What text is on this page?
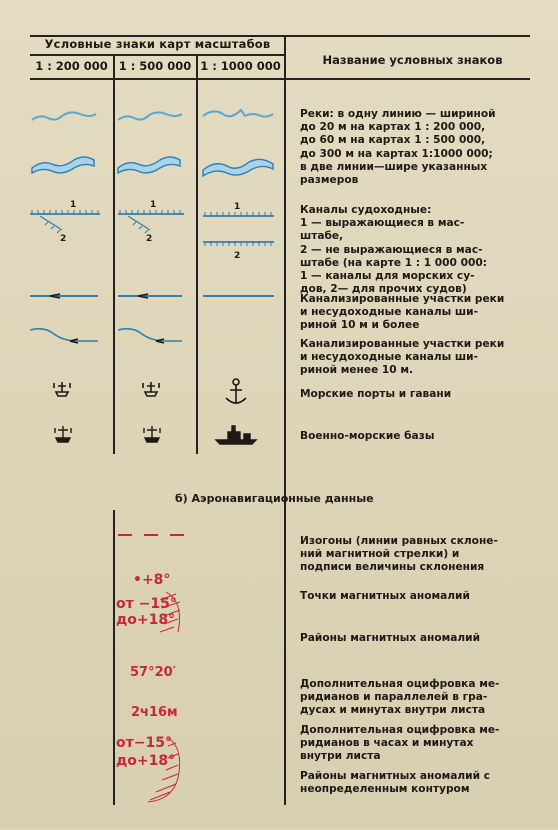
Условные знаки карт масштабов
1 : 200 000 1 : 500 000 1 : 1000 000	Название условных знаков
1
2
1
2
1
2
Реки: в одну линию — шириной
до 20 м на картах 1 : 200 000,
до 60 м на картах 1 : 500 000,
до 300 м на картах 1:1000 000;
в две линии—шире указанных
размеров
Каналы судоходные:
1 — выражающиеся в мас-
штабе,
2 — не выражающиеся в мас-
штабе (на карте 1 : 1 000 000:
1 — каналы для морских су-
дов, 2— для прочих судов)
Канализированные участки реки
и несудоходные каналы ши-
риной 10 м и более
Канализированные участки реки
и несудоходные каналы ши-
риной менее 10 м.
Морские порты и гавани
Военно-морские базы
б) Аэронавигационные данные
•+8°
от −15°
до+18°
57°20′
2ч16м
от−15°
до+18°
Изогоны (линии равных склоне-
ний магнитной стрелки) и
подписи величины склонения
Точки магнитных аномалий
Районы магнитных аномалий
Дополнительная оцифровка ме-
ридианов и параллелей в гра-
дусах и минутах внутри листа
Дополнительная оцифровка ме-
ридианов в часах и минутах
внутри листа
Районы магнитных аномалий с
неопределенным контуром
